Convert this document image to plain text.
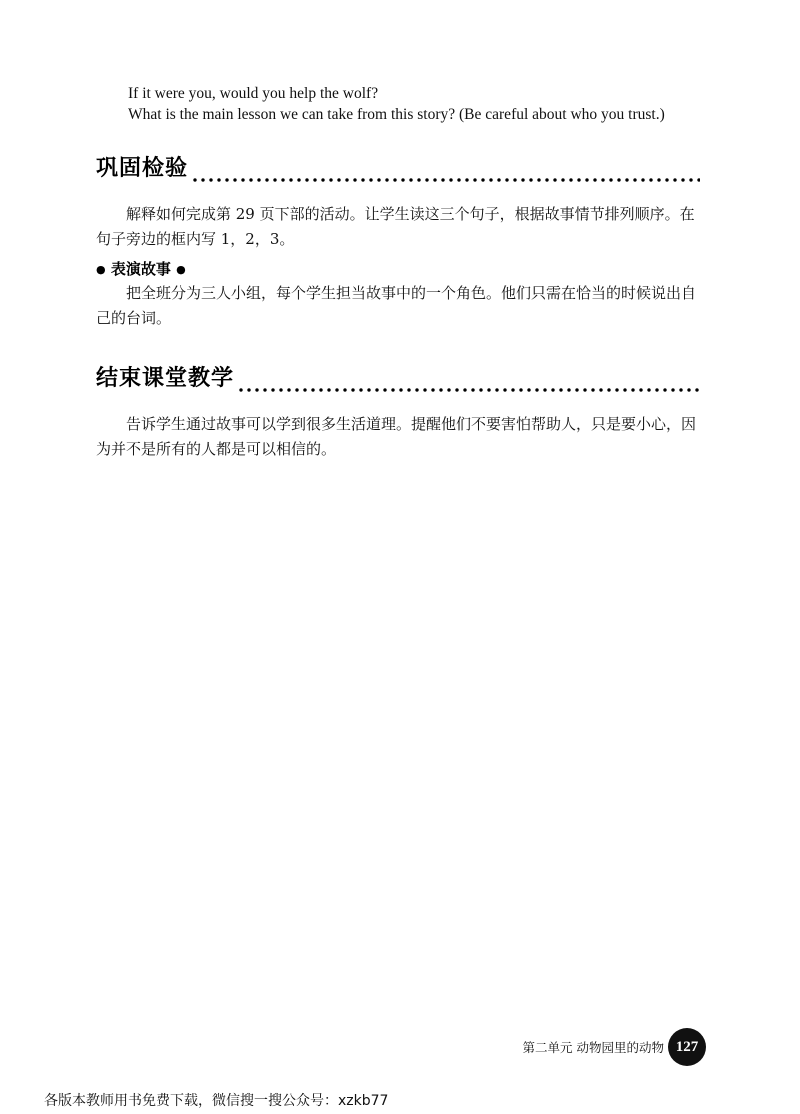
If it were you, would you help the wolf?
What is the main lesson we can take from this story? (Be careful about who you trust.)
巩固检验
解释如何完成第 29 页下部的活动。让学生读这三个句子，根据故事情节排列顺序。在句子旁边的框内写 1，2，3。
● 表演故事 ●
把全班分为三人小组，每个学生担当故事中的一个角色。他们只需在恰当的时候说出自己的台词。
结束课堂教学
告诉学生通过故事可以学到很多生活道理。提醒他们不要害怕帮助人，只是要小心，因为并不是所有的人都是可以相信的。
第二单元 动物园里的动物 127
各版本教师用书免费下载，微信搜一搜公众号：xzkb77
